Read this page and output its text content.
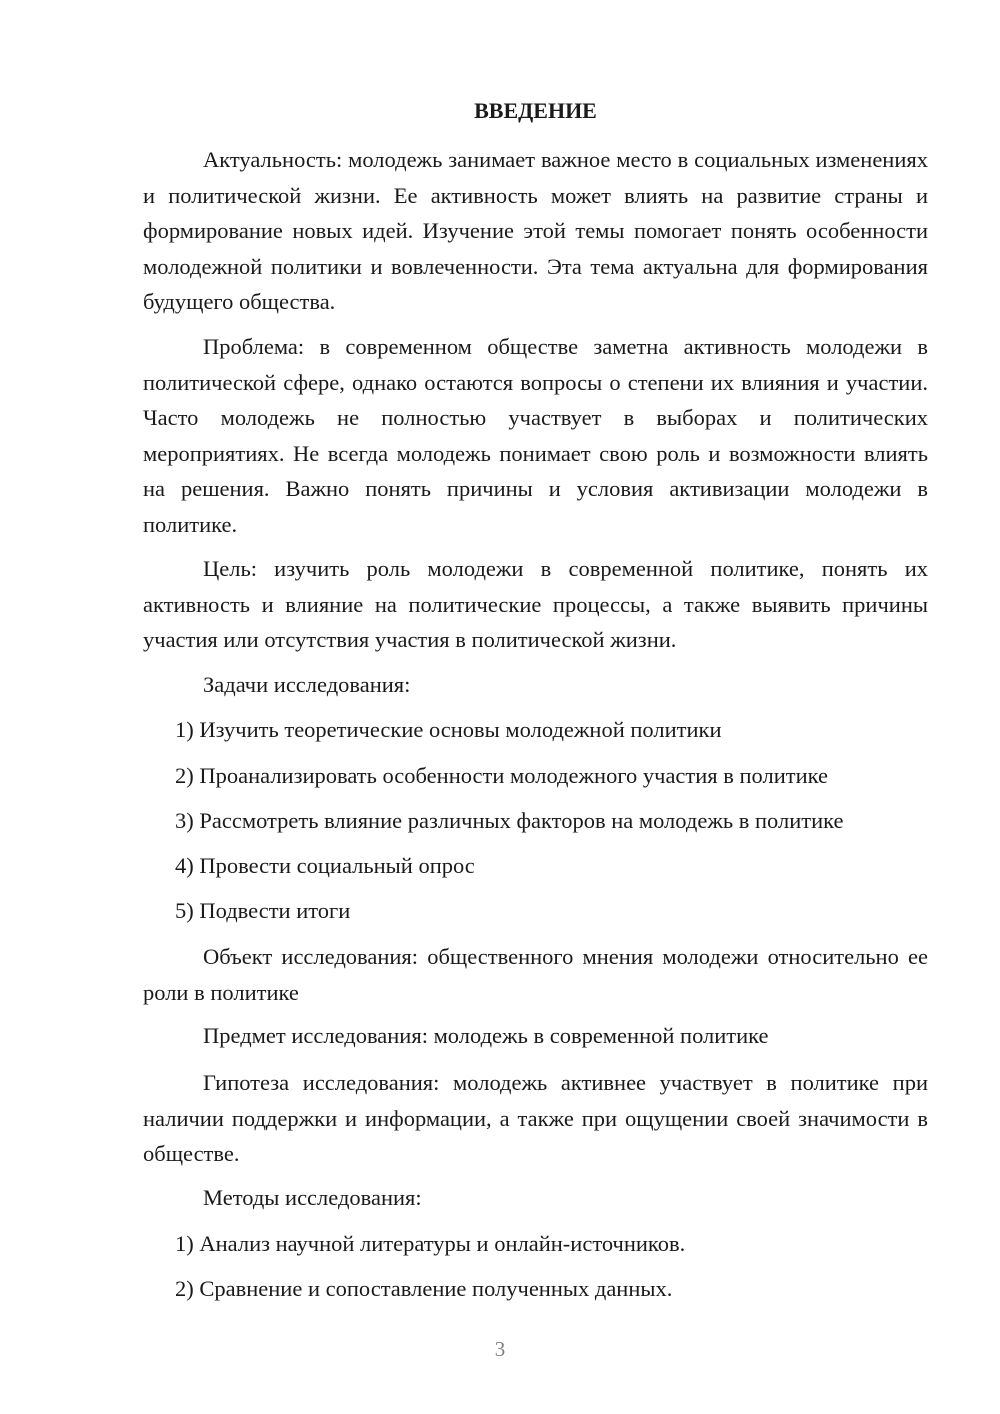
ВВЕДЕНИЕ

Актуальность: молодежь занимает важное место в социальных изменениях и политической жизни. Ее активность может влиять на развитие страны и формирование новых идей. Изучение этой темы помогает понять особенности молодежной политики и вовлеченности. Эта тема актуальна для формирования будущего общества.

Проблема: в современном обществе заметна активность молодежи в политической сфере, однако остаются вопросы о степени их влияния и участии. Часто молодежь не полностью участвует в выборах и политических мероприятиях. Не всегда молодежь понимает свою роль и возможности влиять на решения. Важно понять причины и условия активизации молодежи в политике.

Цель: изучить роль молодежи в современной политике, понять их активность и влияние на политические процессы, а также выявить причины участия или отсутствия участия в политической жизни.

Задачи исследования:

1) Изучить теоретические основы молодежной политики

2) Проанализировать особенности молодежного участия в политике

3) Рассмотреть влияние различных факторов на молодежь в политике

4) Провести социальный опрос

5) Подвести итоги

Объект исследования: общественного мнения молодежи относительно ее роли в политике

Предмет исследования: молодежь в современной политике

Гипотеза исследования: молодежь активнее участвует в политике при наличии поддержки и информации, а также при ощущении своей значимости в обществе.

Методы исследования:

1) Анализ научной литературы и онлайн-источников.

2) Сравнение и сопоставление полученных данных.

3
